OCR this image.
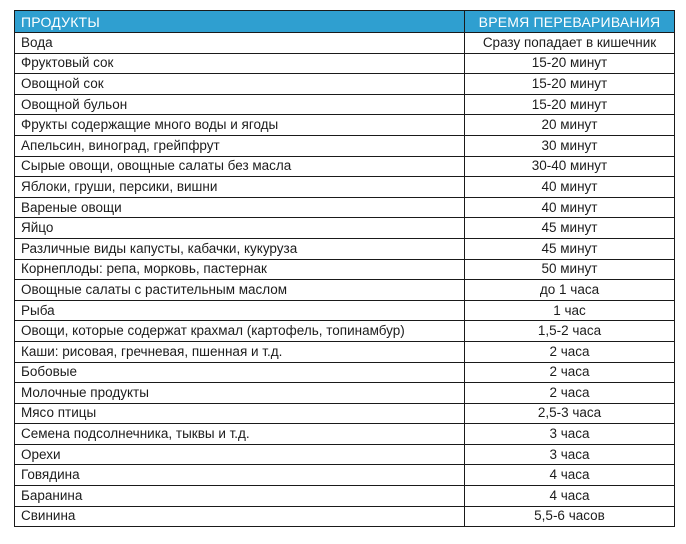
ПРОДУКТЫ	ВРЕМЯ ПЕРЕВАРИВАНИЯ
Вода	Сразу попадает в кишечник
Фруктовый сок	15-20 минут
Овощной сок	15-20 минут
Овощной бульон	15-20 минут
Фрукты содержащие много воды и ягоды	20 минут
Апельсин, виноград, грейпфрут	30 минут
Сырые овощи, овощные салаты без масла	30-40 минут
Яблоки, груши, персики, вишни	40 минут
Вареные овощи	40 минут
Яйцо	45 минут
Различные виды капусты, кабачки, кукуруза	45 минут
Корнеплоды: репа, морковь, пастернак	50 минут
Овощные салаты с растительным маслом	до 1 часа
Рыба	1 час
Овощи, которые содержат крахмал (картофель, топинамбур)	1,5-2 часа
Каши: рисовая, гречневая, пшенная и т.д.	2 часа
Бобовые	2 часа
Молочные продукты	2 часа
Мясо птицы	2,5-3 часа
Семена подсолнечника, тыквы и т.д.	3 часа
Орехи	3 часа
Говядина	4 часа
Баранина	4 часа
Свинина	5,5-6 часов
